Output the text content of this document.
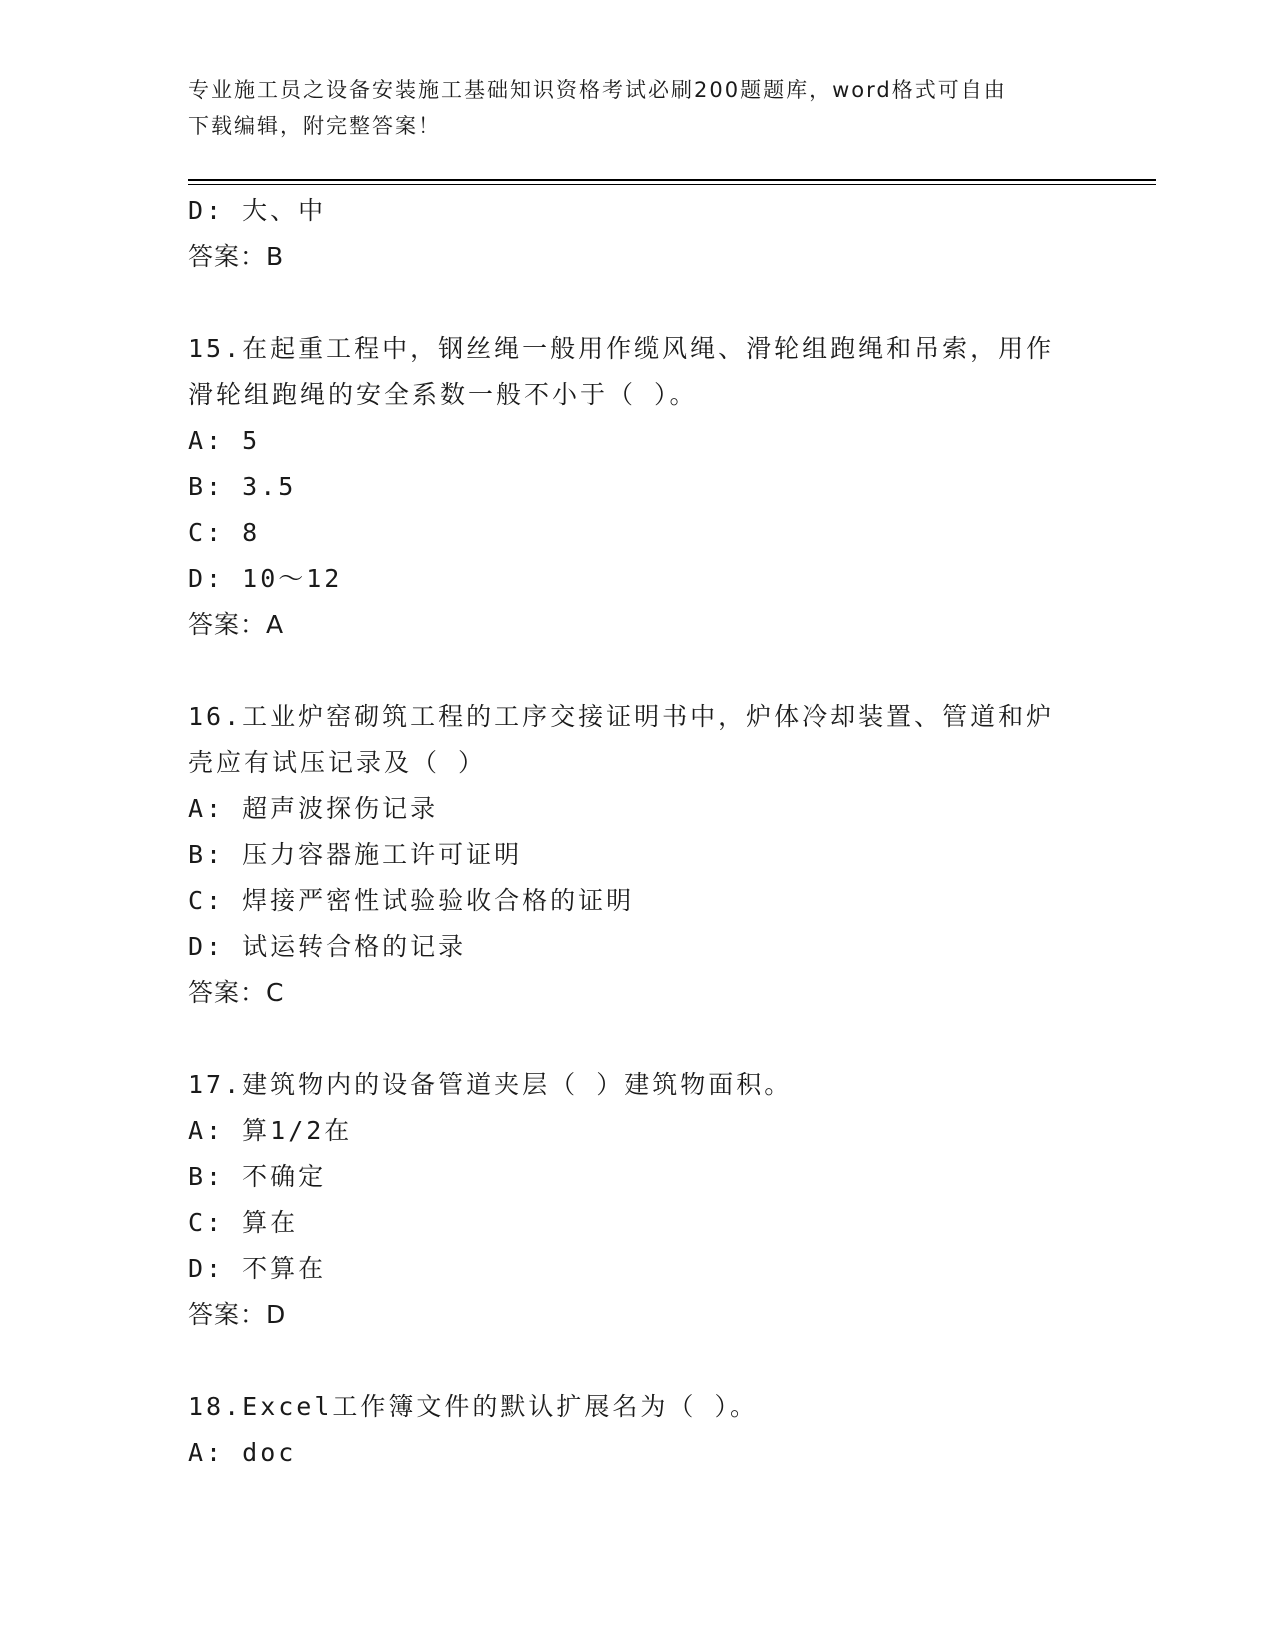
专业施工员之设备安装施工基础知识资格考试必刷200题题库，word格式可自由
下载编辑，附完整答案！
D: 大、中
答案：B
15.在起重工程中，钢丝绳一般用作缆风绳、滑轮组跑绳和吊索，用作
滑轮组跑绳的安全系数一般不小于（ ）。
A: 5
B: 3.5
C: 8
D: 10～12
答案：A
16.工业炉窑砌筑工程的工序交接证明书中，炉体冷却装置、管道和炉
壳应有试压记录及（ ）
A: 超声波探伤记录
B: 压力容器施工许可证明
C: 焊接严密性试验验收合格的证明
D: 试运转合格的记录
答案：C
17.建筑物内的设备管道夹层（ ）建筑物面积。
A: 算1/2在
B: 不确定
C: 算在
D: 不算在
答案：D
18.Excel工作簿文件的默认扩展名为（ ）。
A: doc
